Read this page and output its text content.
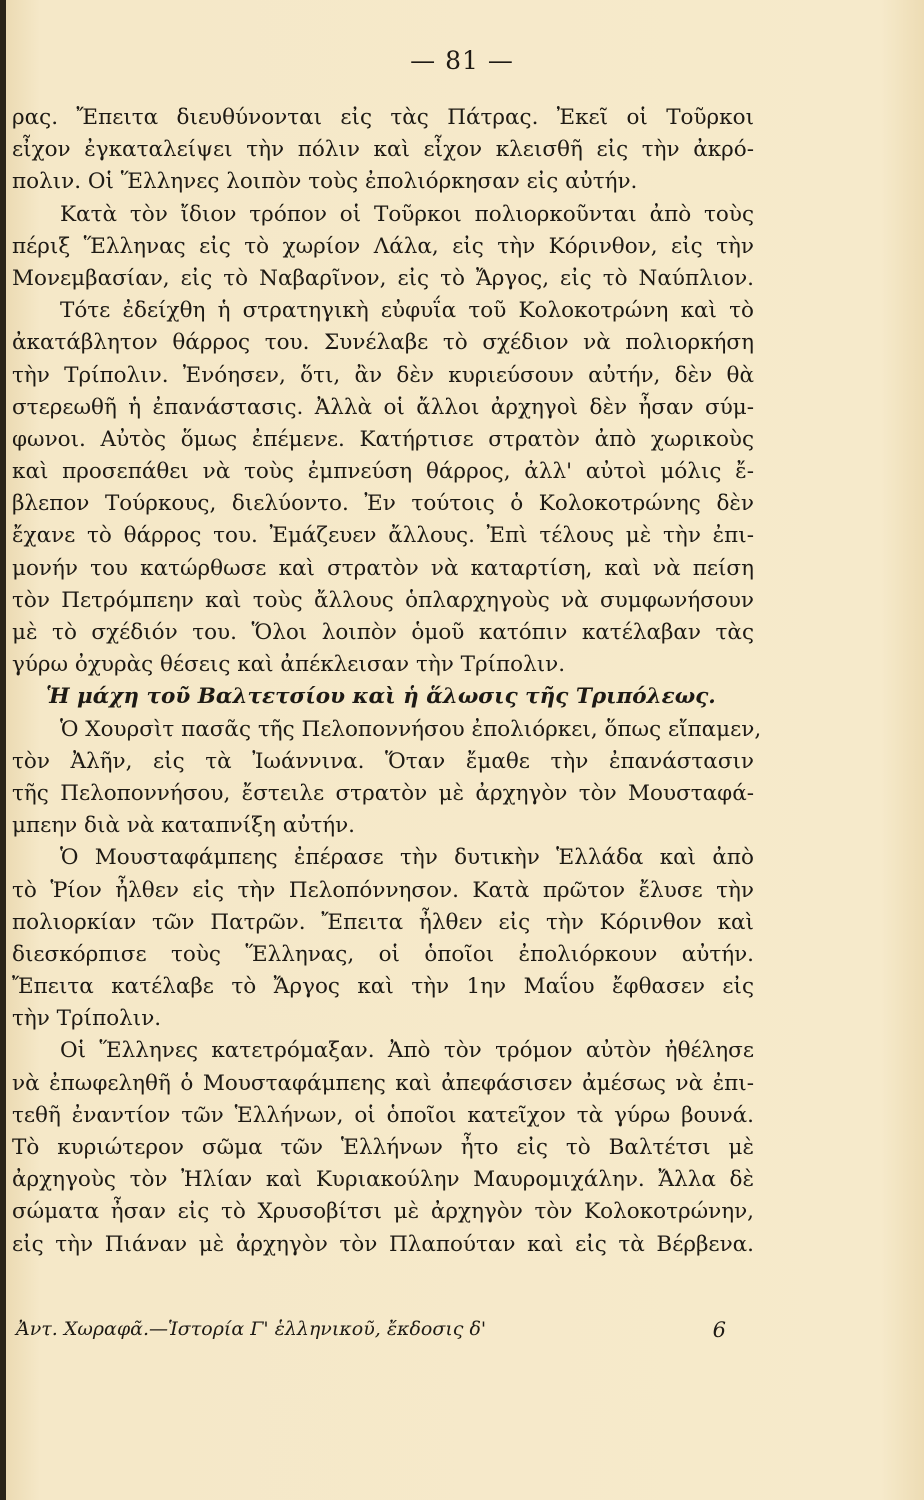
— 81 —
ρας. Ἔπειτα διευθύνονται εἰς τὰς Πάτρας. Ἐκεῖ οἱ Τοῦρκοι
εἶχον ἐγκαταλείψει τὴν πόλιν καὶ εἶχον κλεισθῆ εἰς τὴν ἀκρό-
πολιν. Οἱ Ἕλληνες λοιπὸν τοὺς ἐπολιόρκησαν εἰς αὐτήν.
Κατὰ τὸν ἴδιον τρόπον οἱ Τοῦρκοι πολιορκοῦνται ἀπὸ τοὺς
πέριξ Ἕλληνας εἰς τὸ χωρίον Λάλα, εἰς τὴν Κόρινθον, εἰς τὴν
Μονεμβασίαν, εἰς τὸ Ναβαρῖνον, εἰς τὸ Ἄργος, εἰς τὸ Ναύπλιον.
Τότε ἐδείχθη ἡ στρατηγικὴ εὐφυΐα τοῦ Κολοκοτρώνη καὶ τὸ
ἀκατάβλητον θάρρος του. Συνέλαβε τὸ σχέδιον νὰ πολιορκήση
τὴν Τρίπολιν. Ἐνόησεν, ὅτι, ἂν δὲν κυριεύσουν αὐτήν, δὲν θὰ
στερεωθῆ ἡ ἐπανάστασις. Ἀλλὰ οἱ ἄλλοι ἀρχηγοὶ δὲν ἦσαν σύμ-
φωνοι. Αὐτὸς ὅμως ἐπέμενε. Κατήρτισε στρατὸν ἀπὸ χωρικοὺς
καὶ προσεπάθει νὰ τοὺς ἐμπνεύση θάρρος, ἀλλ' αὐτοὶ μόλις ἔ-
βλεπον Τούρκους, διελύοντο. Ἐν τούτοις ὁ Κολοκοτρώνης δὲν
ἔχανε τὸ θάρρος του. Ἐμάζευεν ἄλλους. Ἐπὶ τέλους μὲ τὴν ἐπι-
μονήν του κατώρθωσε καὶ στρατὸν νὰ καταρτίση, καὶ νὰ πείση
τὸν Πετρόμπεην καὶ τοὺς ἄλλους ὁπλαρχηγοὺς νὰ συμφωνήσουν
μὲ τὸ σχέδιόν του. Ὅλοι λοιπὸν ὁμοῦ κατόπιν κατέλαβαν τὰς
γύρω ὀχυρὰς θέσεις καὶ ἀπέκλεισαν τὴν Τρίπολιν.
Ἡ μάχη τοῦ Βαλτετσίου καὶ ἡ ἅλωσις τῆς Τριπόλεως.
Ὁ Χουρσὶτ πασᾶς τῆς Πελοποννήσου ἐπολιόρκει, ὅπως εἴπαμεν,
τὸν Ἀλῆν, εἰς τὰ Ἰωάννινα. Ὅταν ἔμαθε τὴν ἐπανάστασιν
τῆς Πελοποννήσου, ἔστειλε στρατὸν μὲ ἀρχηγὸν τὸν Μουσταφά-
μπεην διὰ νὰ καταπνίξη αὐτήν.
Ὁ Μουσταφάμπεης ἐπέρασε τὴν δυτικὴν Ἑλλάδα καὶ ἀπὸ
τὸ Ῥίον ἦλθεν εἰς τὴν Πελοπόννησον. Κατὰ πρῶτον ἔλυσε τὴν
πολιορκίαν τῶν Πατρῶν. Ἔπειτα ἦλθεν εἰς τὴν Κόρινθον καὶ
διεσκόρπισε τοὺς Ἕλληνας, οἱ ὁποῖοι ἐπολιόρκουν αὐτήν.
Ἔπειτα κατέλαβε τὸ Ἄργος καὶ τὴν 1ην Μαΐου ἔφθασεν εἰς
τὴν Τρίπολιν.
Οἱ Ἕλληνες κατετρόμαξαν. Ἀπὸ τὸν τρόμον αὐτὸν ἠθέλησε
νὰ ἐπωφεληθῆ ὁ Μουσταφάμπεης καὶ ἀπεφάσισεν ἀμέσως νὰ ἐπι-
τεθῆ ἐναντίον τῶν Ἑλλήνων, οἱ ὁποῖοι κατεῖχον τὰ γύρω βουνά.
Τὸ κυριώτερον σῶμα τῶν Ἑλλήνων ἦτο εἰς τὸ Βαλτέτσι μὲ
ἀρχηγοὺς τὸν Ἠλίαν καὶ Κυριακούλην Μαυρομιχάλην. Ἄλλα δὲ
σώματα ἦσαν εἰς τὸ Χρυσοβίτσι μὲ ἀρχηγὸν τὸν Κολοκοτρώνην,
εἰς τὴν Πιάναν μὲ ἀρχηγὸν τὸν Πλαπούταν καὶ εἰς τὰ Βέρβενα.
Ἀντ. Χωραφᾶ.—Ἱστορία Γ' ἑλληνικοῦ, ἔκδοσις δ'	6
